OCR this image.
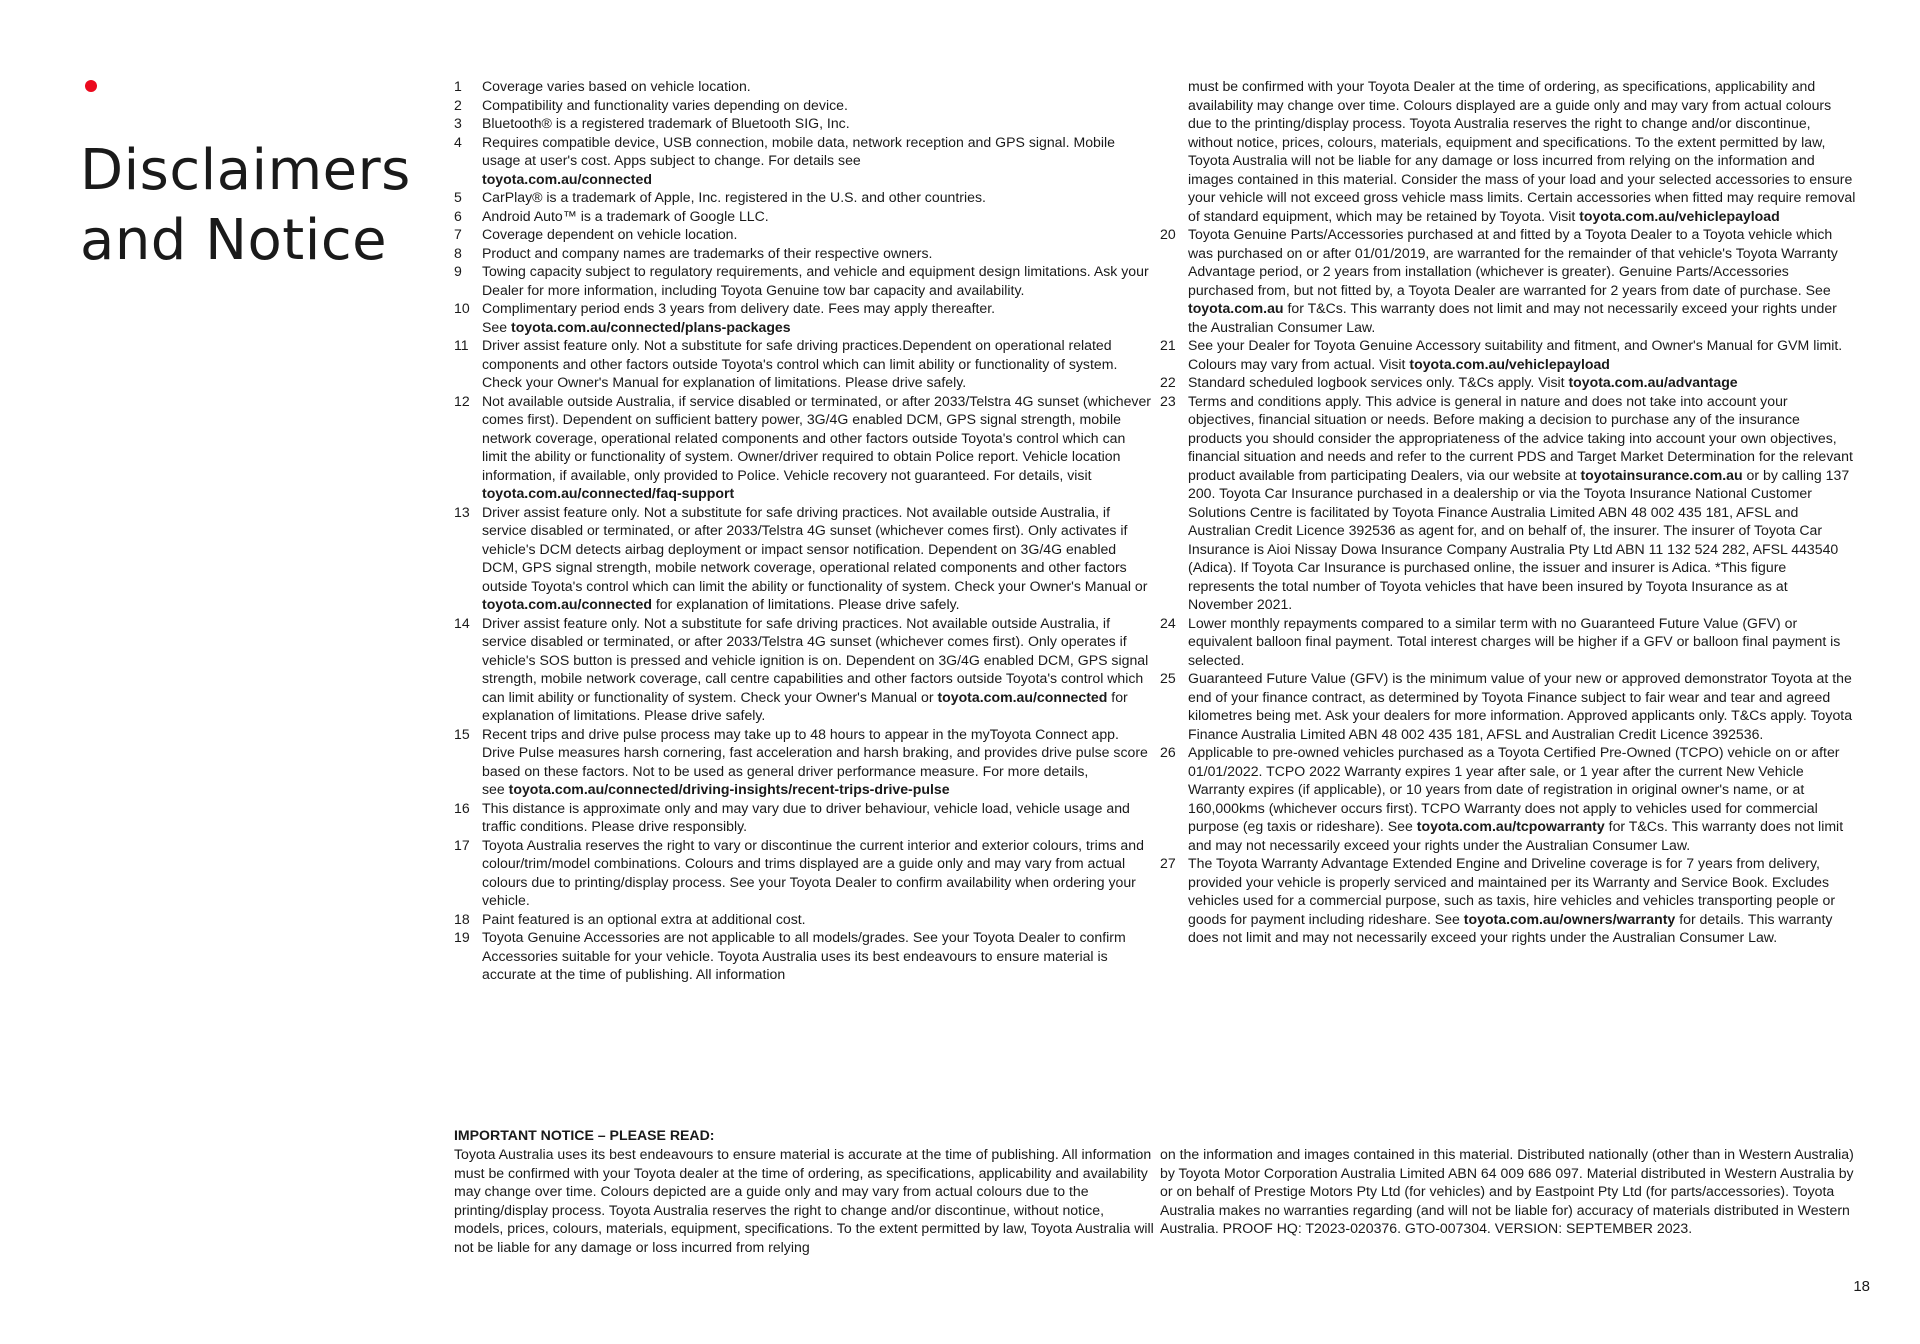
Disclaimers
and Notice
1	Coverage varies based on vehicle location.
2	Compatibility and functionality varies depending on device.
3	Bluetooth® is a registered trademark of Bluetooth SIG, Inc.
4	Requires compatible device, USB connection, mobile data, network reception and GPS signal. Mobile usage at user's cost. Apps subject to change. For details see
toyota.com.au/connected
5	CarPlay® is a trademark of Apple, Inc. registered in the U.S. and other countries.
6	Android Auto™ is a trademark of Google LLC.
7	Coverage dependent on vehicle location.
8	Product and company names are trademarks of their respective owners.
9	Towing capacity subject to regulatory requirements, and vehicle and equipment design limitations. Ask your Dealer for more information, including Toyota Genuine tow bar capacity and availability.
10 Complimentary period ends 3 years from delivery date. Fees may apply thereafter.
See toyota.com.au/connected/plans-packages
11 Driver assist feature only. Not a substitute for safe driving practices.Dependent on operational related components and other factors outside Toyota's control which can limit ability or functionality of system. Check your Owner's Manual for explanation of limitations. Please drive safely.
12 Not available outside Australia, if service disabled or terminated, or after 2033/Telstra 4G sunset (whichever comes first). Dependent on sufficient battery power, 3G/4G enabled DCM, GPS signal strength, mobile network coverage, operational related components and other factors outside Toyota's control which can limit the ability or functionality of system. Owner/driver required to obtain Police report. Vehicle location information, if available, only provided to Police. Vehicle recovery not guaranteed. For details, visit
toyota.com.au/connected/faq-support
13 Driver assist feature only. Not a substitute for safe driving practices. Not available outside Australia, if service disabled or terminated, or after 2033/Telstra 4G sunset (whichever comes first). Only activates if vehicle's DCM detects airbag deployment or impact sensor notification. Dependent on 3G/4G enabled DCM, GPS signal strength, mobile network coverage, operational related components and other factors outside Toyota's control which can limit the ability or functionality of system. Check your Owner's Manual or toyota.com.au/connected for explanation of limitations. Please drive safely.
14 Driver assist feature only. Not a substitute for safe driving practices. Not available outside Australia, if service disabled or terminated, or after 2033/Telstra 4G sunset (whichever comes first). Only operates if vehicle's SOS button is pressed and vehicle ignition is on. Dependent on 3G/4G enabled DCM, GPS signal strength, mobile network coverage, call centre capabilities and other factors outside Toyota's control which can limit ability or functionality of system. Check your Owner's Manual or toyota.com.au/connected for explanation of limitations. Please drive safely.
15 Recent trips and drive pulse process may take up to 48 hours to appear in the myToyota Connect app. Drive Pulse measures harsh cornering, fast acceleration and harsh braking, and provides drive pulse score based on these factors. Not to be used as general driver performance measure. For more details,
see toyota.com.au/connected/driving-insights/recent-trips-drive-pulse
16 This distance is approximate only and may vary due to driver behaviour, vehicle load, vehicle usage and traffic conditions. Please drive responsibly.
17 Toyota Australia reserves the right to vary or discontinue the current interior and exterior colours, trims and colour/trim/model combinations. Colours and trims displayed are a guide only and may vary from actual colours due to printing/display process. See your Toyota Dealer to confirm availability when ordering your vehicle.
18 Paint featured is an optional extra at additional cost.
19 Toyota Genuine Accessories are not applicable to all models/grades. See your Toyota Dealer to confirm Accessories suitable for your vehicle. Toyota Australia uses its best endeavours to ensure material is accurate at the time of publishing. All information
must be confirmed with your Toyota Dealer at the time of ordering, as specifications, applicability and availability may change over time. Colours displayed are a guide only and may vary from actual colours due to the printing/display process. Toyota Australia reserves the right to change and/or discontinue, without notice, prices, colours, materials, equipment and specifications. To the extent permitted by law, Toyota Australia will not be liable for any damage or loss incurred from relying on the information and images contained in this material. Consider the mass of your load and your selected accessories to ensure your vehicle will not exceed gross vehicle mass limits. Certain accessories when fitted may require removal of standard equipment, which may be retained by Toyota. Visit toyota.com.au/vehiclepayload
20 Toyota Genuine Parts/Accessories purchased at and fitted by a Toyota Dealer to a Toyota vehicle which was purchased on or after 01/01/2019, are warranted for the remainder of that vehicle's Toyota Warranty Advantage period, or 2 years from installation (whichever is greater). Genuine Parts/Accessories purchased from, but not fitted by, a Toyota Dealer are warranted for 2 years from date of purchase. See toyota.com.au for T&Cs. This warranty does not limit and may not necessarily exceed your rights under the Australian Consumer Law.
21 See your Dealer for Toyota Genuine Accessory suitability and fitment, and Owner's Manual for GVM limit. Colours may vary from actual. Visit toyota.com.au/vehiclepayload
22 Standard scheduled logbook services only. T&Cs apply. Visit toyota.com.au/advantage
23 Terms and conditions apply. This advice is general in nature and does not take into account your objectives, financial situation or needs. Before making a decision to purchase any of the insurance products you should consider the appropriateness of the advice taking into account your own objectives, financial situation and needs and refer to the current PDS and Target Market Determination for the relevant product available from participating Dealers, via our website at toyotainsurance.com.au or by calling 137 200. Toyota Car Insurance purchased in a dealership or via the Toyota Insurance National Customer Solutions Centre is facilitated by Toyota Finance Australia Limited ABN 48 002 435 181, AFSL and Australian Credit Licence 392536 as agent for, and on behalf of, the insurer. The insurer of Toyota Car Insurance is Aioi Nissay Dowa Insurance Company Australia Pty Ltd ABN 11 132 524 282, AFSL 443540 (Adica). If Toyota Car Insurance is purchased online, the issuer and insurer is Adica. *This figure represents the total number of Toyota vehicles that have been insured by Toyota Insurance as at November 2021.
24 Lower monthly repayments compared to a similar term with no Guaranteed Future Value (GFV) or equivalent balloon final payment. Total interest charges will be higher if a GFV or balloon final payment is selected.
25 Guaranteed Future Value (GFV) is the minimum value of your new or approved demonstrator Toyota at the end of your finance contract, as determined by Toyota Finance subject to fair wear and tear and agreed kilometres being met. Ask your dealers for more information. Approved applicants only. T&Cs apply. Toyota Finance Australia Limited ABN 48 002 435 181, AFSL and Australian Credit Licence 392536.
26 Applicable to pre-owned vehicles purchased as a Toyota Certified Pre-Owned (TCPO) vehicle on or after 01/01/2022. TCPO 2022 Warranty expires 1 year after sale, or 1 year after the current New Vehicle Warranty expires (if applicable), or 10 years from date of registration in original owner's name, or at 160,000kms (whichever occurs first). TCPO Warranty does not apply to vehicles used for commercial purpose (eg taxis or rideshare). See toyota.com.au/tcpowarranty for T&Cs. This warranty does not limit and may not necessarily exceed your rights under the Australian Consumer Law.
27 The Toyota Warranty Advantage Extended Engine and Driveline coverage is for 7 years from delivery, provided your vehicle is properly serviced and maintained per its Warranty and Service Book. Excludes vehicles used for a commercial purpose, such as taxis, hire vehicles and vehicles transporting people or goods for payment including rideshare. See toyota.com.au/owners/warranty for details. This warranty does not limit and may not necessarily exceed your rights under the Australian Consumer Law.

IMPORTANT NOTICE – PLEASE READ:

Toyota Australia uses its best endeavours to ensure material is accurate at the time of publishing. All information must be confirmed with your Toyota dealer at the time of ordering, as specifications, applicability and availability may change over time. Colours depicted are a guide only and may vary from actual colours due to the printing/display process. Toyota Australia reserves the right to change and/or discontinue, without notice, models, prices, colours, materials, equipment, specifications. To the extent permitted by law, Toyota Australia will not be liable for any damage or loss incurred from relying

on the information and images contained in this material. Distributed nationally (other than in Western Australia) by Toyota Motor Corporation Australia Limited ABN 64 009 686 097. Material distributed in Western Australia by or on behalf of Prestige Motors Pty Ltd (for vehicles) and by Eastpoint Pty Ltd (for parts/accessories). Toyota Australia makes no warranties regarding (and will not be liable for) accuracy of materials distributed in Western Australia. PROOF HQ: T2023-020376. GTO-007304. VERSION: SEPTEMBER 2023.

18
